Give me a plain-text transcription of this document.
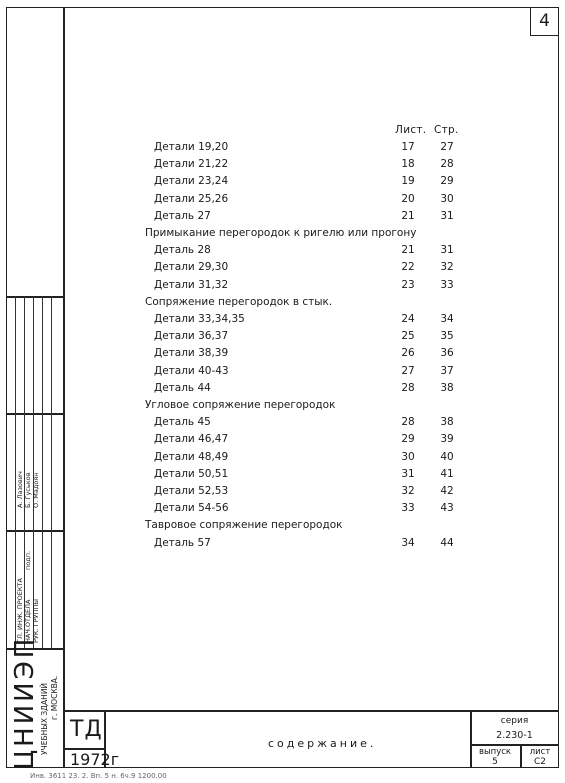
4
Лист. Стр.
Детали 19,20	17	27
Детали 21,22	18	28
Детали 23,24	19	29
Детали 25,26	20	30
Деталь 27	21	31
Примыкание перегородок к ригелю или прогону
Деталь 28	21	31
Детали 29,30	22	32
Детали 31,32	23	33
Сопряжение перегородок в стык.
Детали 33,34,35	24	34
Детали 36,37	25	35
Детали 38,39	26	36
Детали 40-43	27	37
Деталь 44	28	38
Угловое сопряжение перегородок
Деталь 45	28	38
Детали 46,47	29	39
Детали 48,49	30	40
Детали 50,51	31	41
Детали 52,53	32	42
Детали 54-56	33	43
Тавровое сопряжение перегородок
Деталь 57	34	44
ГЛ. ИНЖ. ПРОЕКТА НАЧ.ОТДЕЛА РУК. ГРУППЫ
подп.
А. Лазович Б. Гуськов О. Мадоян
ЦНИИЭП УЧЕБНЫХ ЗДАНИЙ г. МОСКВА.
ТД
1972г
содержание.
серия
2.230-1
выпуск
5
лист
С2
Инв. 3611 23. 2. Вп. 5 н. 6ч.9 1200.00
